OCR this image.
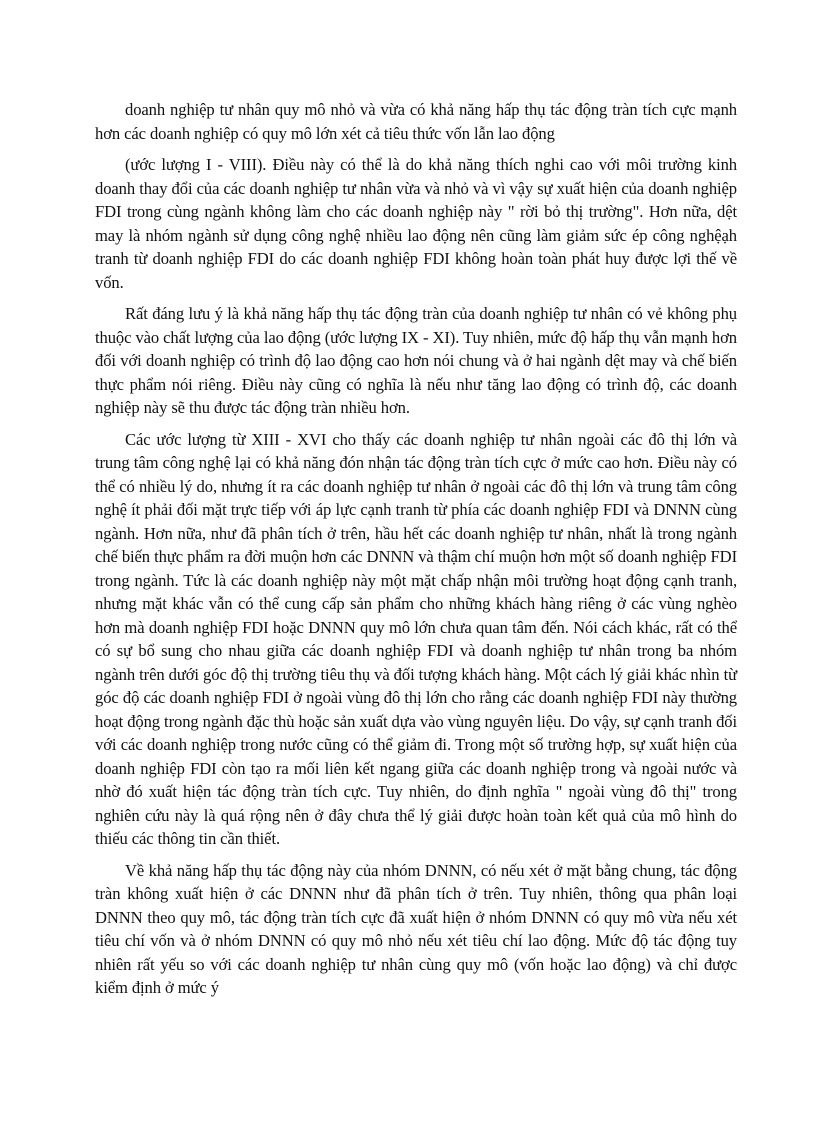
doanh nghiệp tư nhân quy mô nhỏ và vừa có khả năng hấp thụ tác động tràn tích cực mạnh hơn các doanh nghiệp có quy mô lớn xét cả tiêu thức vốn lẫn lao động

(ước lượng I - VIII). Điều này có thể là do khả năng thích nghi cao với môi trường kinh doanh thay đổi của các doanh nghiệp tư nhân vừa và nhỏ và vì vậy sự xuất hiện của doanh nghiệp FDI trong cùng ngành không làm cho các doanh nghiệp này " rời bỏ thị trường". Hơn nữa, dệt may là nhóm ngành sử dụng công nghệ nhiều lao động nên cũng làm giảm sức ép công nghệạh tranh từ doanh nghiệp FDI do các doanh nghiệp FDI không hoàn toàn phát huy được lợi thế về vốn.

Rất đáng lưu ý là khả năng hấp thụ tác động tràn của doanh nghiệp tư nhân có vẻ không phụ thuộc vào chất lượng của lao động (ước lượng IX - XI). Tuy nhiên, mức độ hấp thụ vẫn mạnh hơn đối với doanh nghiệp có trình độ lao động cao hơn nói chung và ở hai ngành dệt may và chế biến thực phẩm nói riêng. Điều này cũng có nghĩa là nếu như tăng lao động có trình độ, các doanh nghiệp này sẽ thu được tác động tràn nhiều hơn.

Các ước lượng từ XIII - XVI cho thấy các doanh nghiệp tư nhân ngoài các đô thị lớn và trung tâm công nghệ lại có khả năng đón nhận tác động tràn tích cực ở mức cao hơn. Điều này có thể có nhiều lý do, nhưng ít ra các doanh nghiệp tư nhân ở ngoài các đô thị lớn và trung tâm công nghệ ít phải đối mặt trực tiếp với áp lực cạnh tranh từ phía các doanh nghiệp FDI và DNNN cùng ngành. Hơn nữa, như đã phân tích ở trên, hầu hết các doanh nghiệp tư nhân, nhất là trong ngành chế biến thực phẩm ra đời muộn hơn các DNNN và thậm chí muộn hơn một số doanh nghiệp FDI trong ngành. Tức là các doanh nghiệp này một mặt chấp nhận môi trường hoạt động cạnh tranh, nhưng mặt khác vẫn có thể cung cấp sản phẩm cho những khách hàng riêng ở các vùng nghèo hơn mà doanh nghiệp FDI hoặc DNNN quy mô lớn chưa quan tâm đến. Nói cách khác, rất có thể có sự bổ sung cho nhau giữa các doanh nghiệp FDI và doanh nghiệp tư nhân trong ba nhóm ngành trên dưới góc độ thị trường tiêu thụ và đối tượng khách hàng. Một cách lý giải khác nhìn từ góc độ các doanh nghiệp FDI ở ngoài vùng đô thị lớn cho rằng các doanh nghiệp FDI này thường hoạt động trong ngành đặc thù hoặc sản xuất dựa vào vùng nguyên liệu. Do vậy, sự cạnh tranh đối với các doanh nghiệp trong nước cũng có thể giảm đi. Trong một số trường hợp, sự xuất hiện của doanh nghiệp FDI còn tạo ra mối liên kết ngang giữa các doanh nghiệp trong và ngoài nước và nhờ đó xuất hiện tác động tràn tích cực. Tuy nhiên, do định nghĩa " ngoài vùng đô thị" trong nghiên cứu này là quá rộng nên ở đây chưa thể lý giải được hoàn toàn kết quả của mô hình do thiếu các thông tin cần thiết.

Về khả năng hấp thụ tác động này của nhóm DNNN, có nếu xét ở mặt bằng chung, tác động tràn không xuất hiện ở các DNNN như đã phân tích ở trên. Tuy nhiên, thông qua phân loại DNNN theo quy mô, tác động tràn tích cực đã xuất hiện ở nhóm DNNN có quy mô vừa nếu xét tiêu chí vốn và ở nhóm DNNN có quy mô nhỏ nếu xét tiêu chí lao động. Mức độ tác động tuy nhiên rất yếu so với các doanh nghiệp tư nhân cùng quy mô (vốn hoặc lao động) và chỉ được kiểm định ở mức ý
